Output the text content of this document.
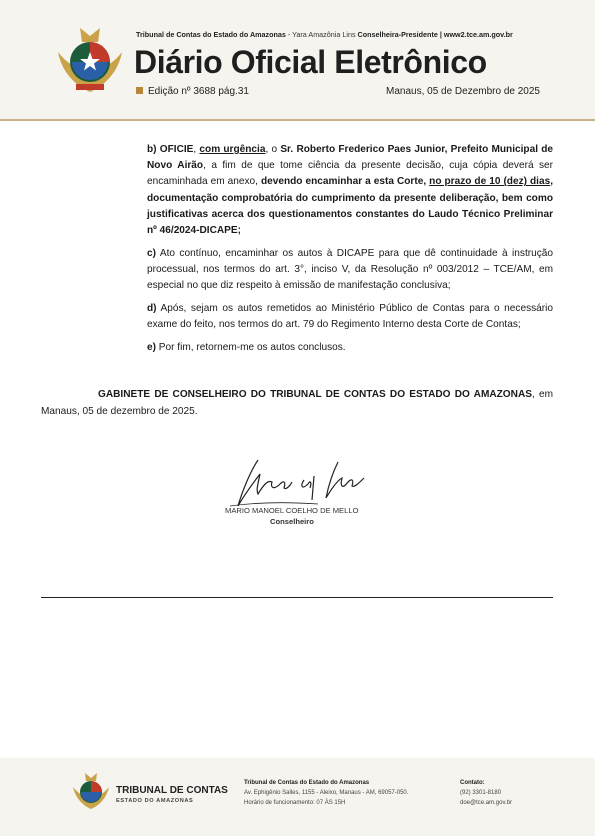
Tribunal de Contas do Estado do Amazonas - Yara Amazônia Lins Conselheira-Presidente | www2.tce.am.gov.br
Diário Oficial Eletrônico
Edição nº 3688 pág.31	Manaus, 05 de Dezembro de 2025

b) OFICIE, com urgência, o Sr. Roberto Frederico Paes Junior, Prefeito Municipal de Novo Airão, a fim de que tome ciência da presente decisão, cuja cópia deverá ser encaminhada em anexo, devendo encaminhar a esta Corte, no prazo de 10 (dez) dias, documentação comprobatória do cumprimento da presente deliberação, bem como justificativas acerca dos questionamentos constantes do Laudo Técnico Preliminar nº 46/2024-DICAPE;

c) Ato contínuo, encaminhar os autos à DICAPE para que dê continuidade à instrução processual, nos termos do art. 3°, inciso V, da Resolução nº 003/2012 – TCE/AM, em especial no que diz respeito à emissão de manifestação conclusiva;

d) Após, sejam os autos remetidos ao Ministério Público de Contas para o necessário exame do feito, nos termos do art. 79 do Regimento Interno desta Corte de Contas;

e) Por fim, retornem-me os autos conclusos.

GABINETE DE CONSELHEIRO DO TRIBUNAL DE CONTAS DO ESTADO DO AMAZONAS, em Manaus, 05 de dezembro de 2025.
MARIO MANOEL COELHO DE MELLO
Conselheiro
TRIBUNAL DE CONTAS
ESTADO DO AMAZONAS
Tribunal de Contas do Estado do Amazonas
Av. Ephigênio Salles, 1155 - Aleixo, Manaus - AM, 69057-050.
Horário de funcionamento: 07 ÀS 15H
Contato:
(92) 3301-8180
doe@tce.am.gov.br
